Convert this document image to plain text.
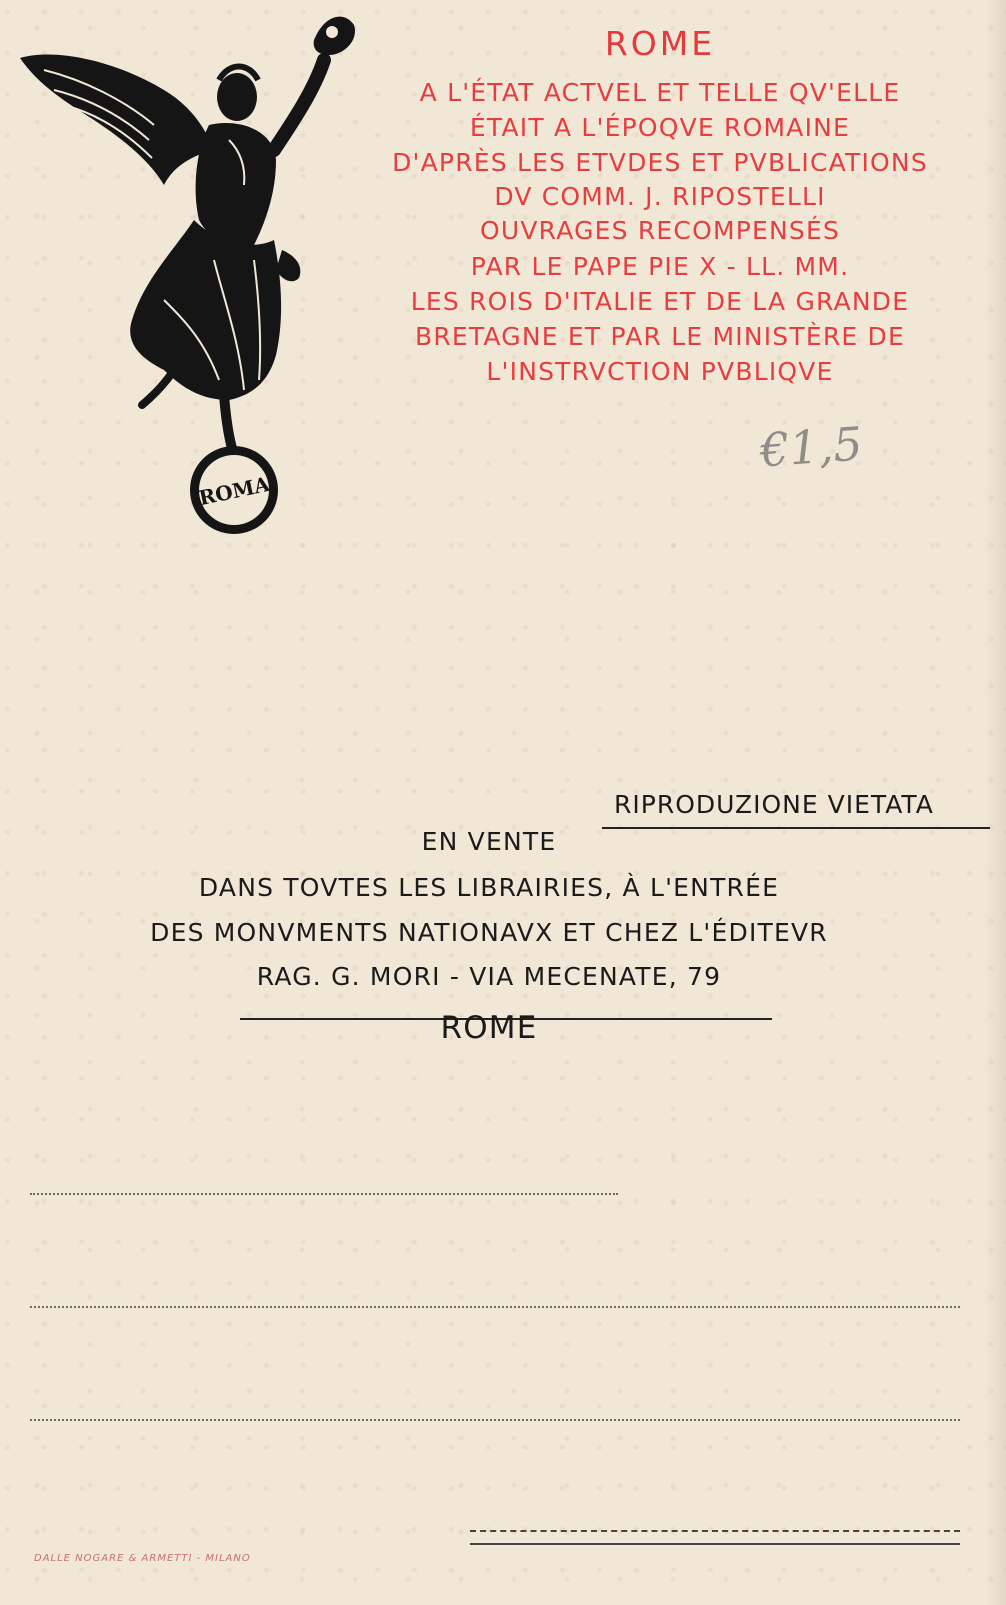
ROMA
ROME
A L'ÉTAT ACTVEL ET TELLE QV'ELLE
ÉTAIT A L'ÉPOQVE ROMAINE
D'APRÈS LES ETVDES ET PVBLICATIONS
DV COMM. J. RIPOSTELLI
OUVRAGES RECOMPENSÉS
PAR LE PAPE PIE X - LL. MM.
LES ROIS D'ITALIE ET DE LA GRANDE
BRETAGNE ET PAR LE MINISTÈRE DE
L'INSTRVCTION PVBLIQVE
€1,5
RIPRODUZIONE VIETATA
EN VENTE
DANS TOVTES LES LIBRAIRIES, À L'ENTRÉE
DES MONVMENTS NATIONAVX ET CHEZ L'ÉDITEVR
RAG. G. MORI - VIA MECENATE, 79
ROME
DALLE NOGARE & ARMETTI - MILANO
